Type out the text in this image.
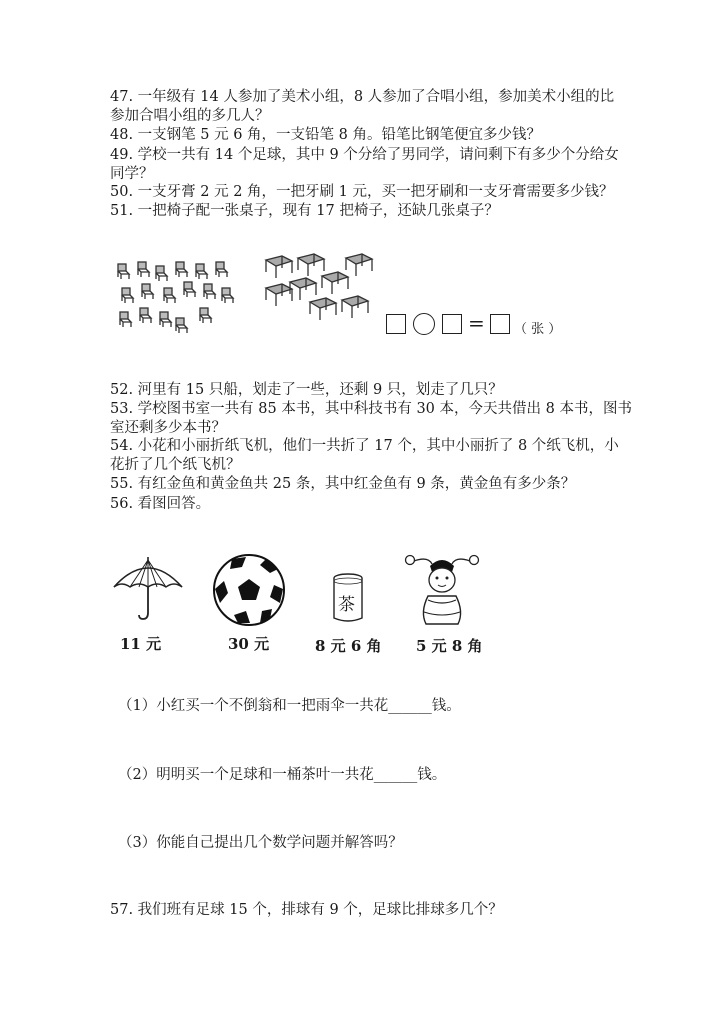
47. 一年级有 14 人参加了美术小组，8 人参加了合唱小组，参加美术小组的比
参加合唱小组的多几人？
48. 一支钢笔 5 元 6 角，一支铅笔 8 角。铅笔比钢笔便宜多少钱？
49. 学校一共有 14 个足球，其中 9 个分给了男同学，请问剩下有多少个分给女
同学？
50. 一支牙膏 2 元 2 角，一把牙刷 1 元，买一把牙刷和一支牙膏需要多少钱？
51. 一把椅子配一张桌子，现有 17 把椅子，还缺几张桌子？
= （ 张 ）
52. 河里有 15 只船，划走了一些，还剩 9 只，划走了几只？
53. 学校图书室一共有 85 本书，其中科技书有 30 本，今天共借出 8 本书，图书
室还剩多少本书？
54. 小花和小丽折纸飞机，他们一共折了 17 个，其中小丽折了 8 个纸飞机，小
花折了几个纸飞机？
55. 有红金鱼和黄金鱼共 25 条，其中红金鱼有 9 条，黄金鱼有多少条？
56. 看图回答。
11 元	30 元
茶
8 元 6 角 5 元 8 角
（1）小红买一个不倒翁和一把雨伞一共花______钱。
（2）明明买一个足球和一桶茶叶一共花______钱。
（3）你能自己提出几个数学问题并解答吗？
57. 我们班有足球 15 个，排球有 9 个，足球比排球多几个？
